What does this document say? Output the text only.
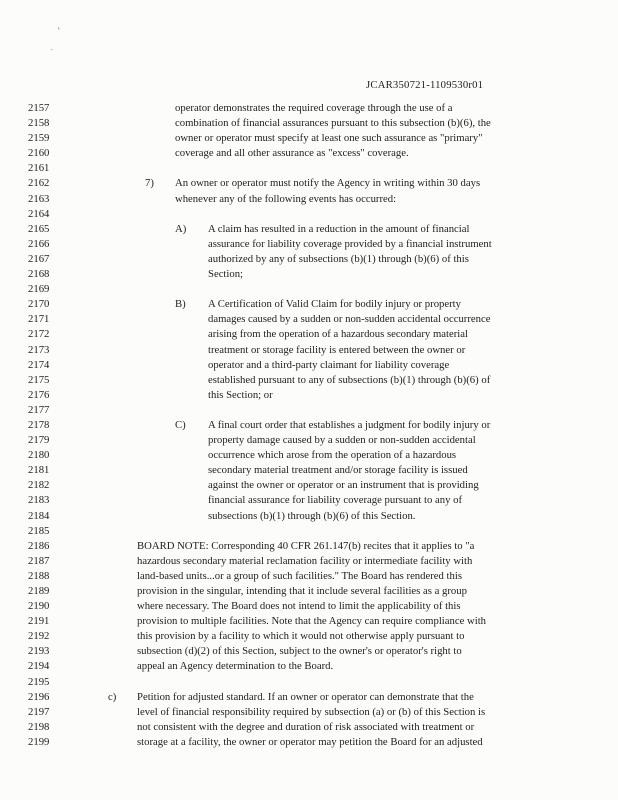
’
·
JCAR350721-1109530r01
2157	operator demonstrates the required coverage through the use of a
2158	combination of financial assurances pursuant to this subsection (b)(6), the
2159	owner or operator must specify at least one such assurance as "primary"
2160	coverage and all other assurance as "excess" coverage.
2161
2162	7) An owner or operator must notify the Agency in writing within 30 days
2163	whenever any of the following events has occurred:
2164
2165	A) A claim has resulted in a reduction in the amount of financial
2166	assurance for liability coverage provided by a financial instrument
2167	authorized by any of subsections (b)(1) through (b)(6) of this
2168	Section;
2169
2170	B) A Certification of Valid Claim for bodily injury or property
2171	damages caused by a sudden or non-sudden accidental occurrence
2172	arising from the operation of a hazardous secondary material
2173	treatment or storage facility is entered between the owner or
2174	operator and a third-party claimant for liability coverage
2175	established pursuant to any of subsections (b)(1) through (b)(6) of
2176	this Section; or
2177
2178	C) A final court order that establishes a judgment for bodily injury or
2179	property damage caused by a sudden or non-sudden accidental
2180	occurrence which arose from the operation of a hazardous
2181	secondary material treatment and/or storage facility is issued
2182	against the owner or operator or an instrument that is providing
2183	financial assurance for liability coverage pursuant to any of
2184	subsections (b)(1) through (b)(6) of this Section.
2185
2186	BOARD NOTE: Corresponding 40 CFR 261.147(b) recites that it applies to "a
2187	hazardous secondary material reclamation facility or intermediate facility with
2188	land-based units...or a group of such facilities." The Board has rendered this
2189	provision in the singular, intending that it include several facilities as a group
2190	where necessary. The Board does not intend to limit the applicability of this
2191	provision to multiple facilities. Note that the Agency can require compliance with
2192	this provision by a facility to which it would not otherwise apply pursuant to
2193	subsection (d)(2) of this Section, subject to the owner's or operator's right to
2194	appeal an Agency determination to the Board.
2195
2196	c) Petition for adjusted standard. If an owner or operator can demonstrate that the
2197	level of financial responsibility required by subsection (a) or (b) of this Section is
2198	not consistent with the degree and duration of risk associated with treatment or
2199	storage at a facility, the owner or operator may petition the Board for an adjusted
